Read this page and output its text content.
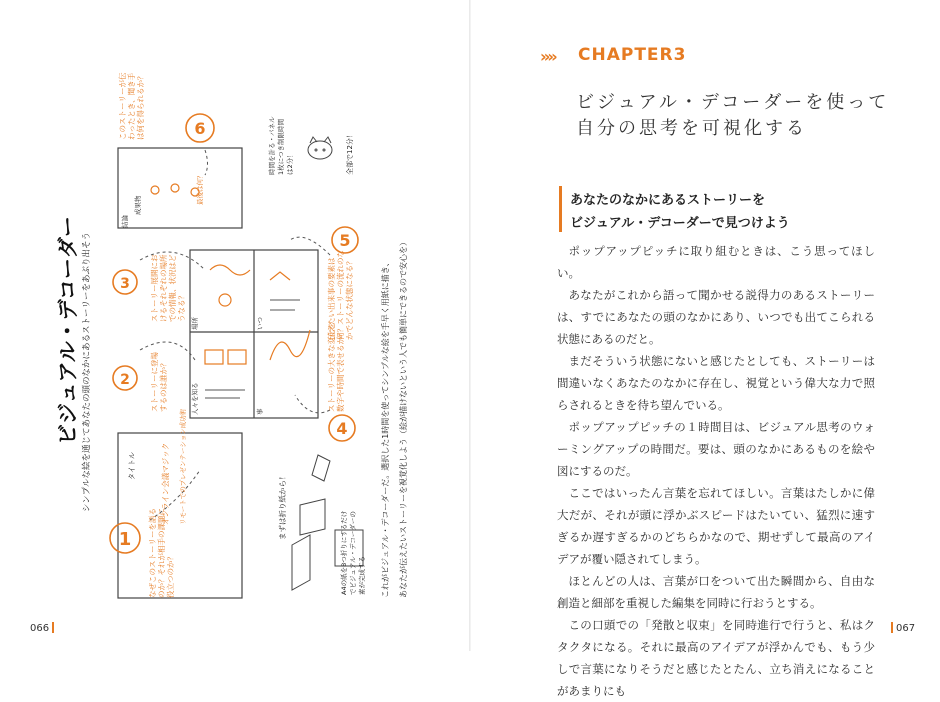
ビジュアル・デコーダー シンプルな絵を通じてあなたの頭のなかにあるストーリーをあぶり出そう
1
2
3
4
5
6
なぜこのストーリーを語るのか？それが相手の課題に役立つのか？
ストーリーに登場するのは誰か？
ストーリー展開におけるそれぞれの場所での情報、状況はどうなる？
ストーリーの大きな変化を数字や時間で表せるか？
伝えたい出来事の要素は何？ストーリーの流れのなかでどんな状態になる？
このストーリーが伝わったとき、聞き手は何を得られるか？
タイトル	オンライン会議マジック リモートでのプレゼンテーション成功術
人々を知る
場所	いつ
事
結論
成果物
最後は何？
まずは折り紙から！
A4の紙を8つ折りにするだけでビジュアル・デコーダーの素が完成する
時間を計る・パネル1枚につき制限時間は2分！	全部で12分！
これがビジュアル・デコーダーだ。選択した1時間を使ってシンプルな絵を手早く用紙に描き、 あなたが伝えたいストーリーを視覚化しよう（絵が描けないという人でも簡単にできるので安心を）
066
»» CHAPTER3
ビジュアル・デコーダーを使って
自分の思考を可視化する
あなたのなかにあるストーリーを
ビジュアル・デコーダーで見つけよう

ポップアップピッチに取り組むときは、こう思ってほしい。

あなたがこれから語って聞かせる説得力のあるストーリーは、すでにあなたの頭のなかにあり、いつでも出てこられる状態にあるのだと。

まだそういう状態にないと感じたとしても、ストーリーは間違いなくあなたのなかに存在し、視覚という偉大な力で照らされるときを待ち望んでいる。

ポップアップピッチの１時間目は、ビジュアル思考のウォーミングアップの時間だ。要は、頭のなかにあるものを絵や図にするのだ。

ここではいったん言葉を忘れてほしい。言葉はたしかに偉大だが、それが頭に浮かぶスピードはたいてい、猛烈に速すぎるか遅すぎるかのどちらかなので、期せずして最高のアイデアが覆い隠されてしまう。

ほとんどの人は、言葉が口をついて出た瞬間から、自由な創造と細部を重視した編集を同時に行おうとする。

この口頭での「発散と収束」を同時進行で行うと、私はクタクタになる。それに最高のアイデアが浮かんでも、もう少しで言葉になりそうだと感じたとたん、立ち消えになることがあまりにも

067
